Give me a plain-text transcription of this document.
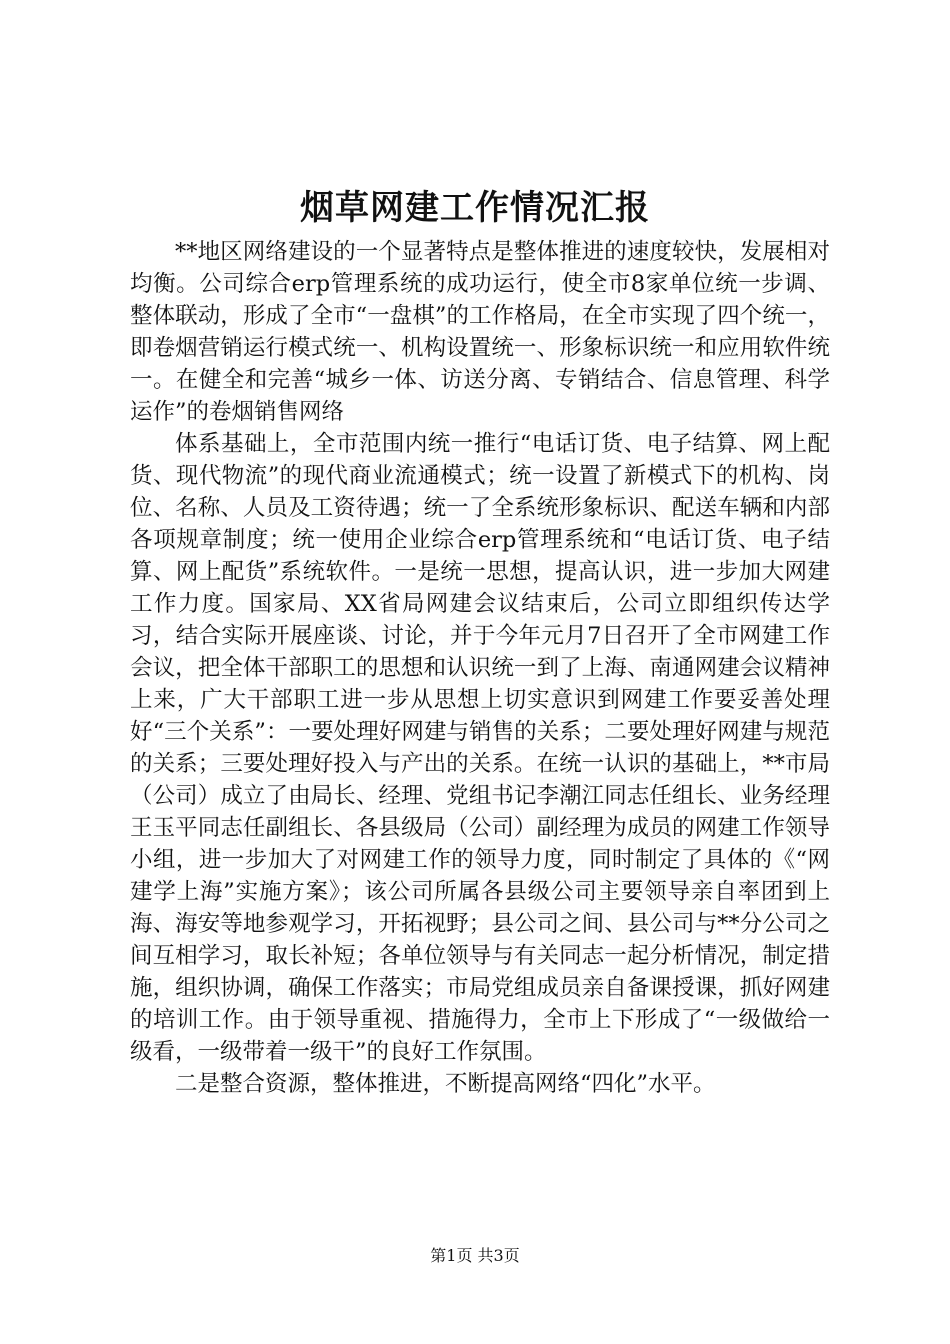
烟草网建工作情况汇报

**地区网络建设的一个显著特点是整体推进的速度较快，发展相对均衡。公司综合erp管理系统的成功运行，使全市8家单位统一步调、整体联动，形成了全市“一盘棋”的工作格局，在全市实现了四个统一，即卷烟营销运行模式统一、机构设置统一、形象标识统一和应用软件统一。在健全和完善“城乡一体、访送分离、专销结合、信息管理、科学运作”的卷烟销售网络

体系基础上，全市范围内统一推行“电话订货、电子结算、网上配货、现代物流”的现代商业流通模式；统一设置了新模式下的机构、岗位、名称、人员及工资待遇；统一了全系统形象标识、配送车辆和内部各项规章制度；统一使用企业综合erp管理系统和“电话订货、电子结算、网上配货”系统软件。一是统一思想，提高认识，进一步加大网建工作力度。国家局、XX省局网建会议结束后，公司立即组织传达学习，结合实际开展座谈、讨论，并于今年元月7日召开了全市网建工作会议，把全体干部职工的思想和认识统一到了上海、南通网建会议精神上来，广大干部职工进一步从思想上切实意识到网建工作要妥善处理好“三个关系”：一要处理好网建与销售的关系；二要处理好网建与规范的关系；三要处理好投入与产出的关系。在统一认识的基础上，**市局（公司）成立了由局长、经理、党组书记李潮江同志任组长、业务经理王玉平同志任副组长、各县级局（公司）副经理为成员的网建工作领导小组，进一步加大了对网建工作的领导力度，同时制定了具体的《“网建学上海”实施方案》；该公司所属各县级公司主要领导亲自率团到上海、海安等地参观学习，开拓视野；县公司之间、县公司与**分公司之间互相学习，取长补短；各单位领导与有关同志一起分析情况，制定措施，组织协调，确保工作落实；市局党组成员亲自备课授课，抓好网建的培训工作。由于领导重视、措施得力，全市上下形成了“一级做给一级看，一级带着一级干”的良好工作氛围。

二是整合资源，整体推进，不断提高网络“四化”水平。

第1页 共3页
